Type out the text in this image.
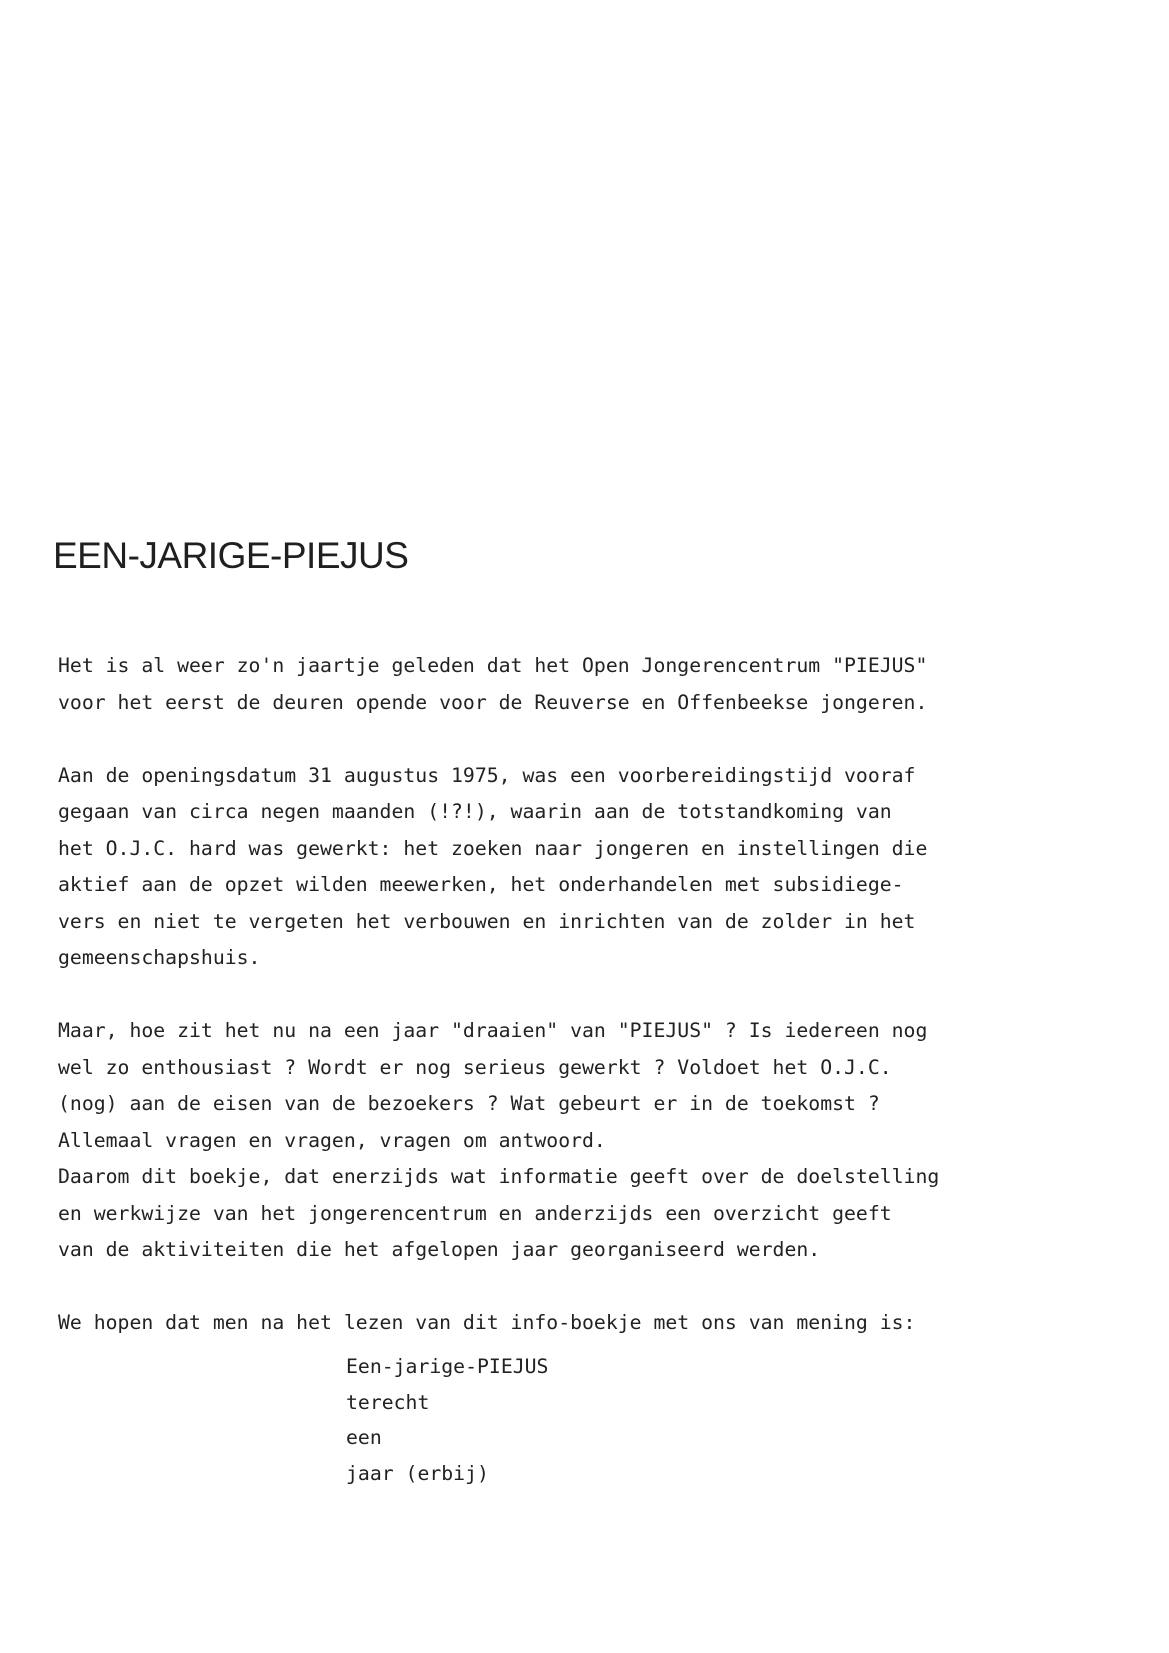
EEN-JARIGE-PIEJUS
Het is al weer zo'n jaartje geleden dat het Open Jongerencentrum "PIEJUS"
voor het eerst de deuren opende voor de Reuverse en Offenbeekse jongeren.
Aan de openingsdatum 31 augustus 1975, was een voorbereidingstijd vooraf
gegaan van circa negen maanden (!?!), waarin aan de totstandkoming van
het O.J.C. hard was gewerkt: het zoeken naar jongeren en instellingen die
aktief aan de opzet wilden meewerken, het onderhandelen met subsidiege-
vers en niet te vergeten het verbouwen en inrichten van de zolder in het
gemeenschapshuis.
Maar, hoe zit het nu na een jaar "draaien" van "PIEJUS" ? Is iedereen nog
wel zo enthousiast ? Wordt er nog serieus gewerkt ? Voldoet het O.J.C.
(nog) aan de eisen van de bezoekers ? Wat gebeurt er in de toekomst ?
Allemaal vragen en vragen, vragen om antwoord.
Daarom dit boekje, dat enerzijds wat informatie geeft over de doelstelling
en werkwijze van het jongerencentrum en anderzijds een overzicht geeft
van de aktiviteiten die het afgelopen jaar georganiseerd werden.
We hopen dat men na het lezen van dit info-boekje met ons van mening is:
Een-jarige-PIEJUS
terecht
een
jaar (erbij)
